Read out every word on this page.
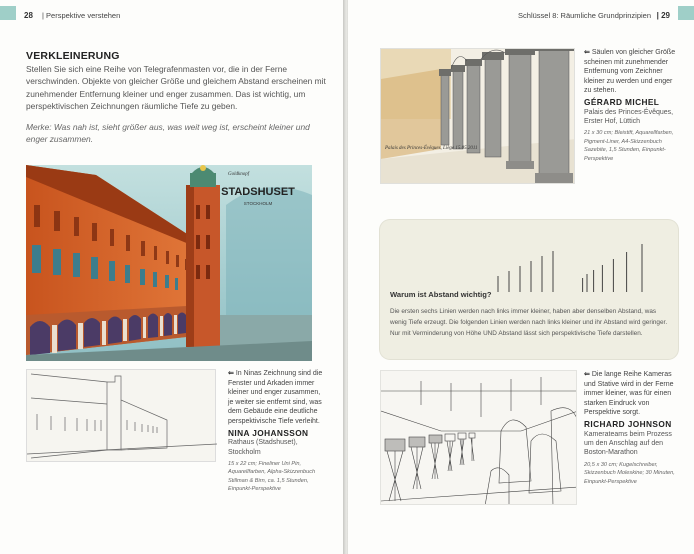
28 | Perspektive verstehen
VERKLEINERUNG

Stellen Sie sich eine Reihe von Telegrafenmasten vor, die in der Ferne verschwinden. Objekte von gleicher Größe und gleichem Abstand erscheinen mit zunehmender Entfernung kleiner und enger zusammen. Das ist wichtig, um perspektivischen Zeichnungen räumliche Tiefe zu geben.

Merke: Was nah ist, sieht größer aus, was weit weg ist, erscheint kleiner und enger zusammen.

STADSHUSET
STOCKHOLM
Goldknopf
⇐ In Ninas Zeichnung sind die Fenster und Arkaden immer kleiner und enger zusammen, je weiter sie entfernt sind, was dem Gebäude eine deutliche perspektivische Tiefe verleiht.
NINA JOHANSSON
Rathaus (Stadshuset),
Stockholm
15 x 22 cm; Fineliner Uni Pin, Aquarellfarben, Alpha-Skizzenbuch Stillman & Birn, ca. 1,5 Stunden, Einpunkt-Perspektive
Schlüssel 8: Räumliche Grundprinzipien | 29
Palais des Princes-Évêques, Liège 15.05.2011
⇐ Säulen von gleicher Größe scheinen mit zunehmender Entfernung vom Zeichner kleiner zu werden und enger zu stehen.
GÉRARD MICHEL
Palais des Princes-Évêques,
Erster Hof, Lüttich
21 x 30 cm; Bleistift, Aquarellfarben, Pigment-Liner, A4-Skizzenbuch Sazebite, 1,5 Stunden, Einpunkt-Perspektive
Warum ist Abstand wichtig?
Die ersten sechs Linien werden nach links immer kleiner, haben aber denselben Abstand, was wenig Tiefe erzeugt. Die folgenden Linien werden nach links kleiner und ihr Abstand wird geringer. Nur mit Verminderung von Höhe UND Abstand lässt sich perspektivische Tiefe darstellen.
⇐ Die lange Reihe Kameras und Stative wird in der Ferne immer kleiner, was für einen starken Eindruck von Perspektive sorgt.
RICHARD JOHNSON
Kamerateams beim Prozess
um den Anschlag auf den
Boston-Marathon
20,5 x 30 cm; Kugelschreiber, Skizzenbuch Moleskine; 30 Minuten, Einpunkt-Perspektive
